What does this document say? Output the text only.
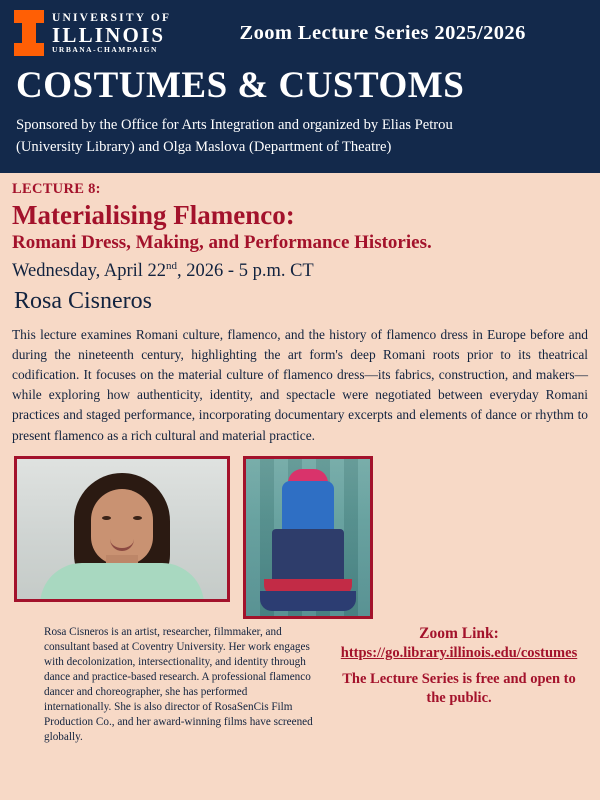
UNIVERSITY OF
ILLINOIS
URBANA-CHAMPAIGN
Zoom Lecture Series 2025/2026
COSTUMES & CUSTOMS
Sponsored by the Office for Arts Integration and organized by Elias Petrou
(University Library) and Olga Maslova (Department of Theatre)
LECTURE 8:
Materialising Flamenco:
Romani Dress, Making, and Performance Histories.
Wednesday, April 22nd, 2026 - 5 p.m. CT
Rosa Cisneros
This lecture examines Romani culture, flamenco, and the history of flamenco dress in Europe before and during the nineteenth century, highlighting the art form's deep Romani roots prior to its theatrical codification. It focuses on the material culture of flamenco dress—its fabrics, construction, and makers—while exploring how authenticity, identity, and spectacle were negotiated between everyday Romani practices and staged performance, incorporating documentary excerpts and elements of dance or rhythm to present flamenco as a rich cultural and material practice.
Rosa Cisneros is an artist, researcher, filmmaker, and consultant based at Coventry University. Her work engages with decolonization, intersectionality, and identity through dance and practice-based research. A professional flamenco dancer and choreographer, she has performed internationally. She is also director of RosaSenCis Film Production Co., and her award-winning films have screened globally.
Zoom Link:
https://go.library.illinois.edu/costumes
The Lecture Series is free and open to the public.
